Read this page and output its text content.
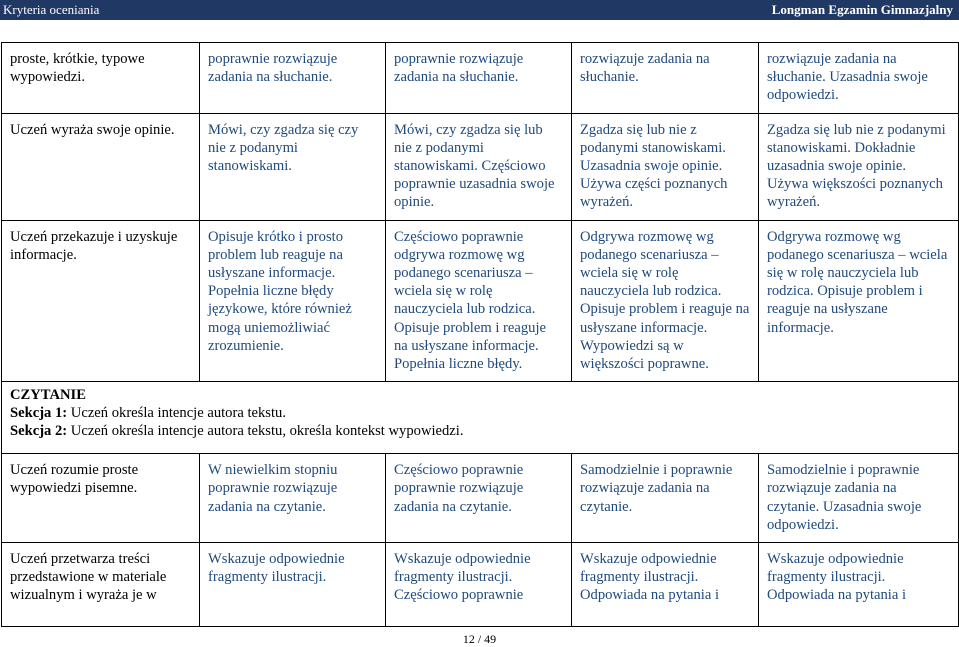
Kryteria oceniania	Longman Egzamin Gimnazjalny
proste, krótkie, typowe wypowiedzi.	poprawnie rozwiązuje zadania na słuchanie.	poprawnie rozwiązuje zadania na słuchanie.	rozwiązuje zadania na słuchanie.	rozwiązuje zadania na słuchanie. Uzasadnia swoje odpowiedzi.
Uczeń wyraża swoje opinie.	Mówi, czy zgadza się czy nie z podanymi stanowiskami.	Mówi, czy zgadza się lub nie z podanymi stanowiskami. Częściowo poprawnie uzasadnia swoje opinie.	Zgadza się lub nie z podanymi stanowiskami. Uzasadnia swoje opinie. Używa części poznanych wyrażeń.	Zgadza się lub nie z podanymi stanowiskami. Dokładnie uzasadnia swoje opinie. Używa większości poznanych wyrażeń.
Uczeń przekazuje i uzyskuje informacje.	Opisuje krótko i prosto problem lub reaguje na usłyszane informacje. Popełnia liczne błędy językowe, które również mogą uniemożliwiać zrozumienie.	Częściowo poprawnie odgrywa rozmowę wg podanego scenariusza – wciela się w rolę nauczyciela lub rodzica. Opisuje problem i reaguje na usłyszane informacje. Popełnia liczne błędy.	Odgrywa rozmowę wg podanego scenariusza – wciela się w rolę nauczyciela lub rodzica. Opisuje problem i reaguje na usłyszane informacje. Wypowiedzi są w większości poprawne.	Odgrywa rozmowę wg podanego scenariusza – wciela się w rolę nauczyciela lub rodzica. Opisuje problem i reaguje na usłyszane informacje.

CZYTANIE
Sekcja 1: Uczeń określa intencje autora tekstu.
Sekcja 2: Uczeń określa intencje autora tekstu, określa kontekst wypowiedzi.				

Uczeń rozumie proste wypowiedzi pisemne.	W niewielkim stopniu poprawnie rozwiązuje zadania na czytanie.	Częściowo poprawnie poprawnie rozwiązuje zadania na czytanie.	Samodzielnie i poprawnie rozwiązuje zadania na czytanie.	Samodzielnie i poprawnie rozwiązuje zadania na czytanie. Uzasadnia swoje odpowiedzi.
Uczeń przetwarza treści przedstawione w materiale wizualnym i wyraża je w	Wskazuje odpowiednie fragmenty ilustracji.	Wskazuje odpowiednie fragmenty ilustracji. Częściowo poprawnie	Wskazuje odpowiednie fragmenty ilustracji. Odpowiada na pytania i	Wskazuje odpowiednie fragmenty ilustracji. Odpowiada na pytania i
12 / 49
